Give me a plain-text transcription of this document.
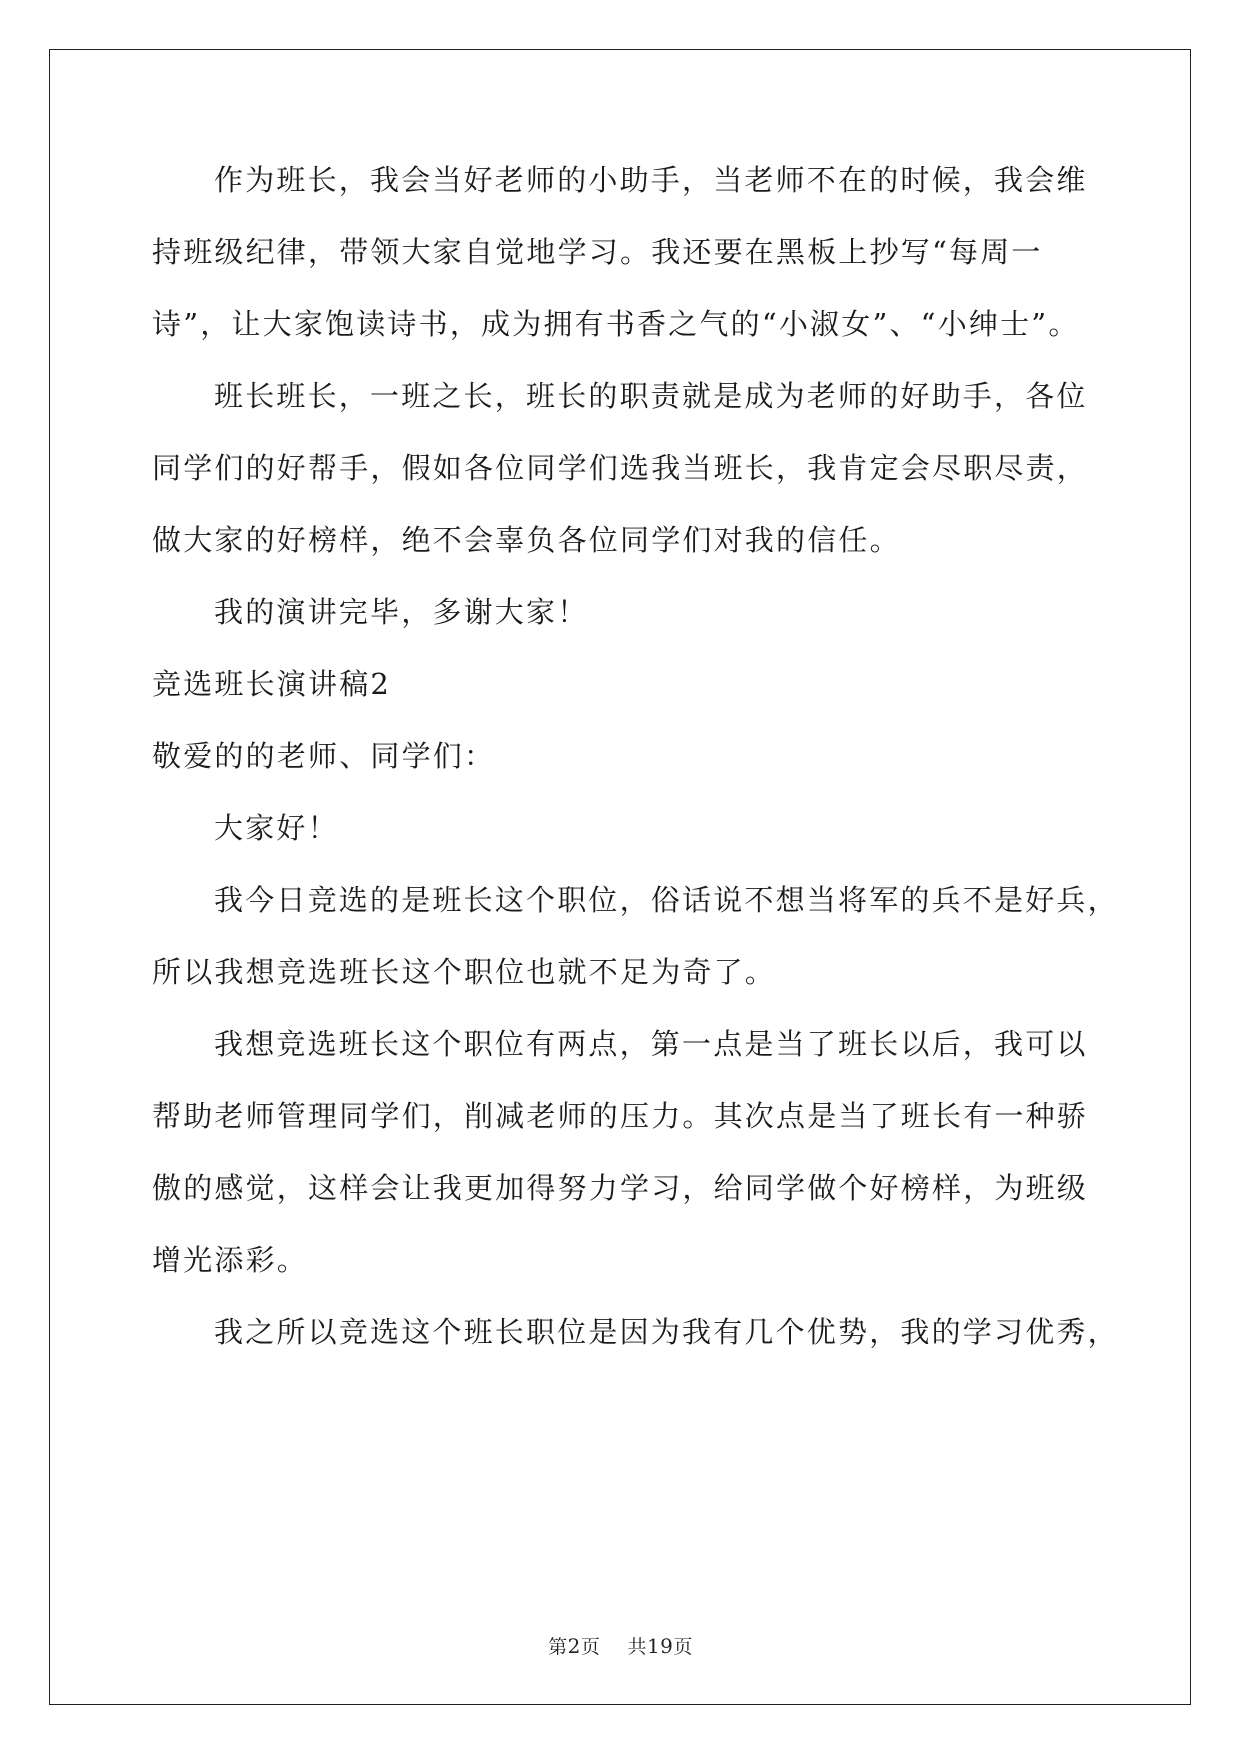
作为班长，我会当好老师的小助手，当老师不在的时候，我会维
持班级纪律，带领大家自觉地学习。我还要在黑板上抄写“每周一
诗”，让大家饱读诗书，成为拥有书香之气的“小淑女”、“小绅士”。
班长班长，一班之长，班长的职责就是成为老师的好助手，各位
同学们的好帮手，假如各位同学们选我当班长，我肯定会尽职尽责，
做大家的好榜样，绝不会辜负各位同学们对我的信任。
我的演讲完毕，多谢大家！
竞选班长演讲稿2
敬爱的的老师、同学们：
大家好！
我今日竞选的是班长这个职位，俗话说不想当将军的兵不是好兵，
所以我想竞选班长这个职位也就不足为奇了。
我想竞选班长这个职位有两点，第一点是当了班长以后，我可以
帮助老师管理同学们，削减老师的压力。其次点是当了班长有一种骄
傲的感觉，这样会让我更加得努力学习，给同学做个好榜样，为班级
增光添彩。
我之所以竞选这个班长职位是因为我有几个优势，我的学习优秀，
第2页 共19页
